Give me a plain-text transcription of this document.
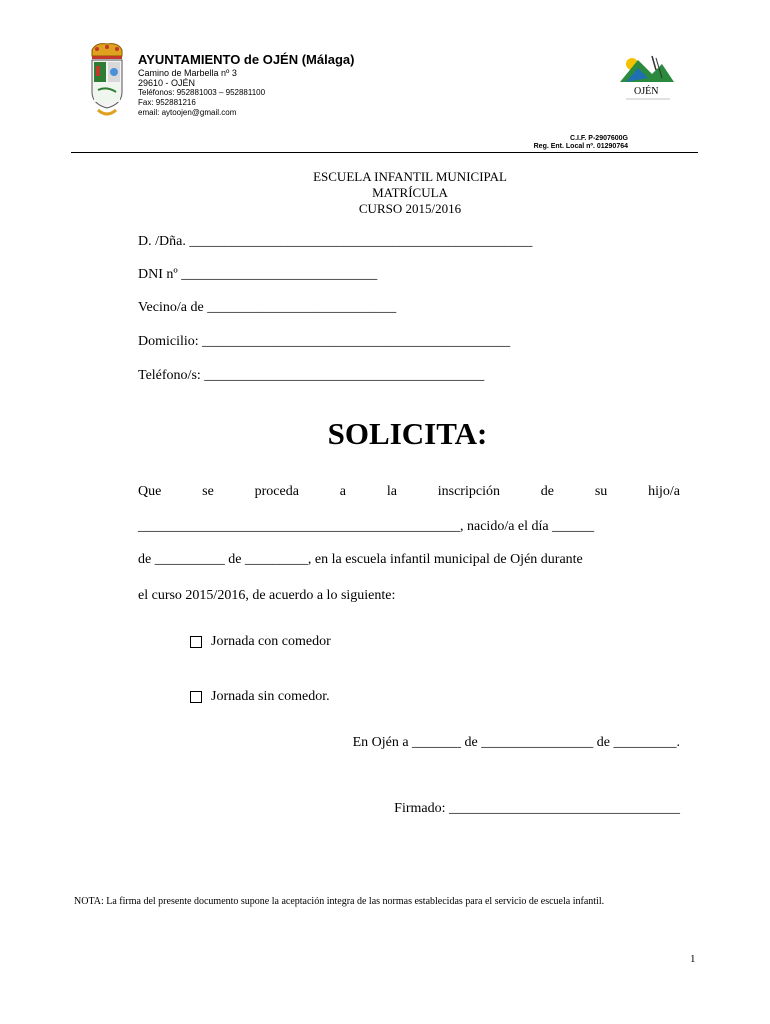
AYUNTAMIENTO de OJÉN (Málaga)
Camino de Marbella nº 3
29610 - OJÉN
Teléfonos: 952881003 – 952881100
Fax: 952881216
email: aytoojen@gmail.com
OJÉN
C.I.F. P-2907600G
Reg. Ent. Local nº. 01290764
ESCUELA INFANTIL MUNICIPAL
MATRÍCULA
CURSO 2015/2016
D. /Dña. _________________________________________________
DNI nº ____________________________
Vecino/a de ___________________________
Domicilio: ____________________________________________
Teléfono/s: ________________________________________
SOLICITA:
Que se proceda a la inscripción de su hijo/a
______________________________________________, nacido/a el día ______
de __________ de _________, en la escuela infantil municipal de Ojén durante
el curso 2015/2016, de acuerdo a lo siguiente:
Jornada con comedor
Jornada sin comedor.
En Ojén a _______ de ________________ de _________.
Firmado: _________________________________
NOTA: La firma del presente documento supone la aceptación integra de las normas establecidas para el servicio de escuela infantil.
1
